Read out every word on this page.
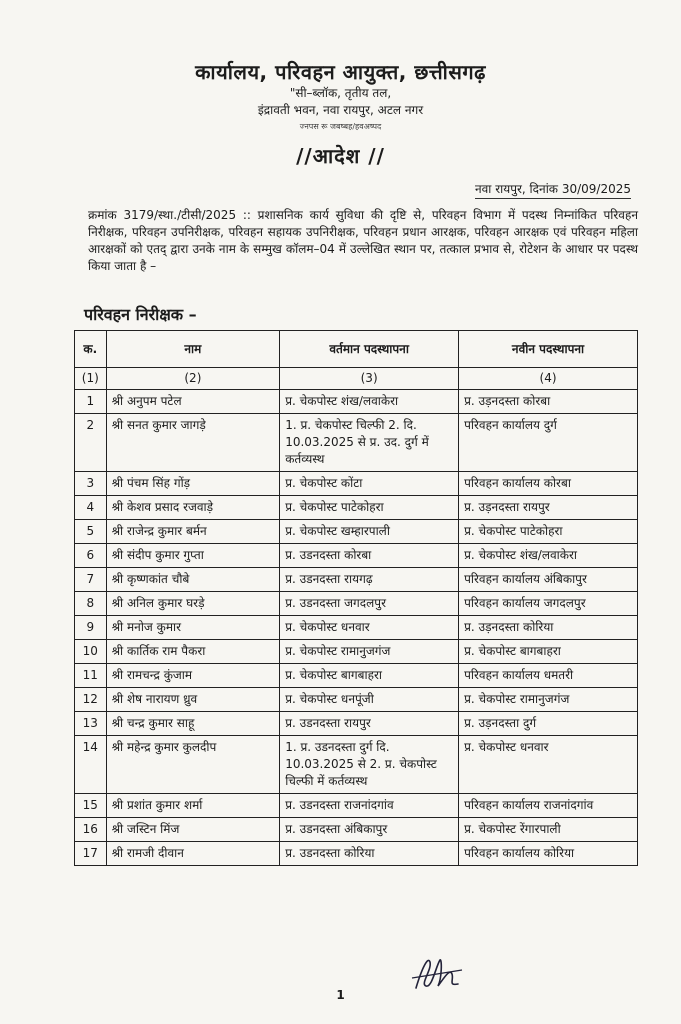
कार्यालय, परिवहन आयुक्त, छत्तीसगढ़
"सी–ब्लॉक, तृतीय तल,
इंद्रावती भवन, नवा रायपुर, अटल नगर
ज्नपस रू जबष्बह/हवअष्पद
//आदेश //
नवा रायपुर, दिनांक 30/09/2025
क्रमांक 3179/स्था./टीसी/2025 :: प्रशासनिक कार्य सुविधा की दृष्टि से, परिवहन विभाग में पदस्थ निम्नांकित परिवहन निरीक्षक, परिवहन उपनिरीक्षक, परिवहन सहायक उपनिरीक्षक, परिवहन प्रधान आरक्षक, परिवहन आरक्षक एवं परिवहन महिला आरक्षकों को एतद् द्वारा उनके नाम के सम्मुख कॉलम–04 में उल्लेखित स्थान पर, तत्काल प्रभाव से, रोटेशन के आधार पर पदस्थ किया जाता है –
परिवहन निरीक्षक –
क.	नाम	वर्तमान पदस्थापना	नवीन पदस्थापना
(1)	(2)	(3)	(4)
1	श्री अनुपम पटेल	प्र. चेकपोस्ट शंख/लवाकेरा	प्र. उड़नदस्ता कोरबा
2	श्री सनत कुमार जागड़े	1. प्र. चेकपोस्ट चिल्फी 2. दि. 10.03.2025 से प्र. उद. दुर्ग में कर्तव्यस्थ	परिवहन कार्यालय दुर्ग
3	श्री पंचम सिंह गोंड़	प्र. चेकपोस्ट कोंटा	परिवहन कार्यालय कोरबा
4	श्री केशव प्रसाद रजवाड़े	प्र. चेकपोस्ट पाटेकोहरा	प्र. उड़नदस्ता रायपुर
5	श्री राजेन्द्र कुमार बर्मन	प्र. चेकपोस्ट खम्हारपाली	प्र. चेकपोस्ट पाटेकोहरा
6	श्री संदीप कुमार गुप्ता	प्र. उडनदस्ता कोरबा	प्र. चेकपोस्ट शंख/लवाकेरा
7	श्री कृष्णकांत चौबे	प्र. उडनदस्ता रायगढ़	परिवहन कार्यालय अंबिकापुर
8	श्री अनिल कुमार घरड़े	प्र. उडनदस्ता जगदलपुर	परिवहन कार्यालय जगदलपुर
9	श्री मनोज कुमार	प्र. चेकपोस्ट धनवार	प्र. उड़नदस्ता कोरिया
10	श्री कार्तिक राम पैकरा	प्र. चेकपोस्ट रामानुजगंज	प्र. चेकपोस्ट बागबाहरा
11	श्री रामचन्द्र कुंजाम	प्र. चेकपोस्ट बागबाहरा	परिवहन कार्यालय धमतरी
12	श्री शेष नारायण ध्रुव	प्र. चेकपोस्ट धनपूंजी	प्र. चेकपोस्ट रामानुजगंज
13	श्री चन्द्र कुमार साहू	प्र. उडनदस्ता रायपुर	प्र. उड़नदस्ता दुर्ग
14	श्री महेन्द्र कुमार कुलदीप	1. प्र. उडनदस्ता दुर्ग दि. 10.03.2025 से 2. प्र. चेकपोस्ट चिल्फी में कर्तव्यस्थ	प्र. चेकपोस्ट धनवार
15	श्री प्रशांत कुमार शर्मा	प्र. उडनदस्ता राजनांदगांव	परिवहन कार्यालय राजनांदगांव
16	श्री जस्टिन मिंज	प्र. उडनदस्ता अंबिकापुर	प्र. चेकपोस्ट रेंगारपाली
17	श्री रामजी दीवान	प्र. उडनदस्ता कोरिया	परिवहन कार्यालय कोरिया
1
